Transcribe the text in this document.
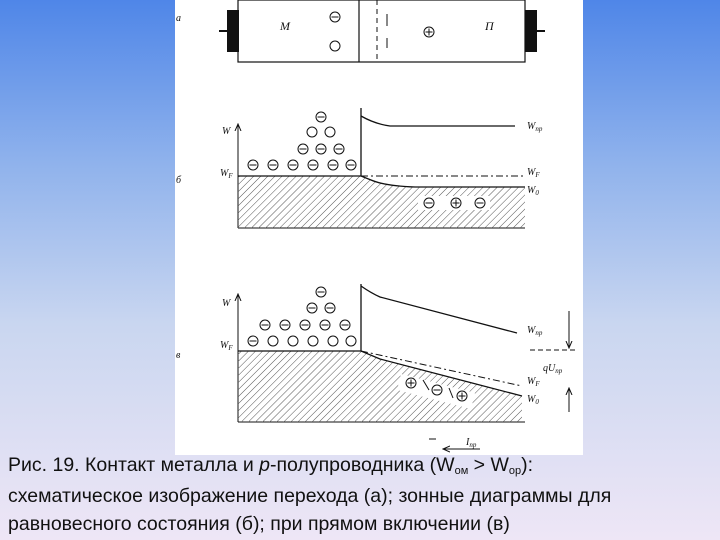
а
M	П
б
W
$W_F$
$W_{пр}$
$W_F$
$W_0$
в
W
$W_F$
$W_{пр}$
$W_F$
$W_0$
$qU_{пр}$
$I_{пр}$
Рис. 19. Контакт металла и p-полупроводника $(W_{ом} > W_{ор})$:
схематическое изображение перехода (а); зонные диаграммы для
равновесного состояния (б); при прямом включении (в)
